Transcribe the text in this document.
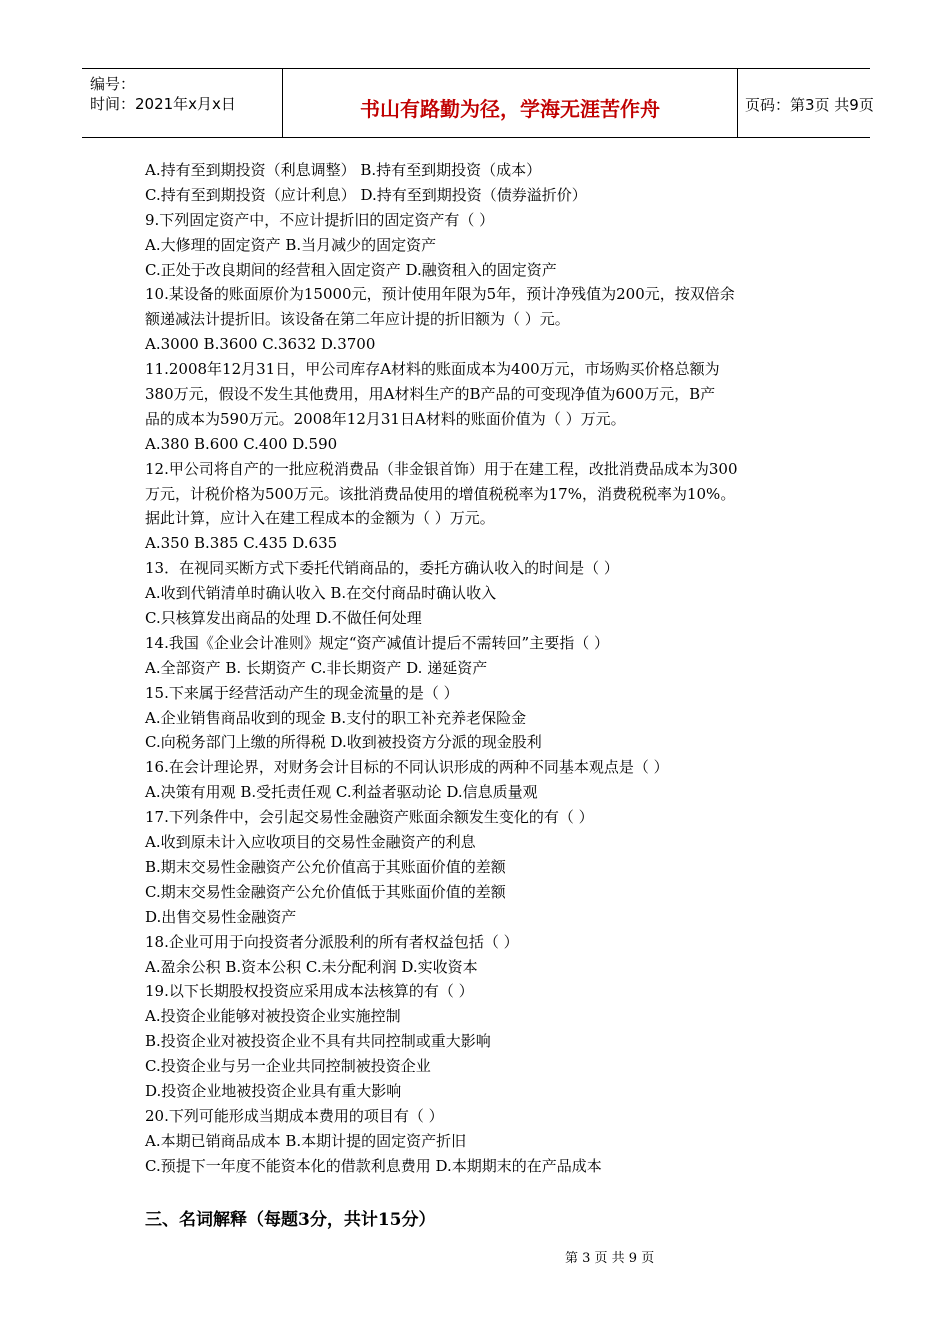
编号：
时间：2021年x月x日	书山有路勤为径，学海无涯苦作舟	页码：第3页 共9页
A.持有至到期投资（利息调整） B.持有至到期投资（成本）
C.持有至到期投资（应计利息） D.持有至到期投资（债券溢折价）
9.下列固定资产中，不应计提折旧的固定资产有（ ）
A.大修理的固定资产 B.当月减少的固定资产
C.正处于改良期间的经营租入固定资产 D.融资租入的固定资产
10.某设备的账面原价为15000元，预计使用年限为5年，预计净残值为200元，按双倍余
额递减法计提折旧。该设备在第二年应计提的折旧额为（ ）元。
A.3000 B.3600 C.3632 D.3700
11.2008年12月31日，甲公司库存A材料的账面成本为400万元，市场购买价格总额为
380万元，假设不发生其他费用，用A材料生产的B产品的可变现净值为600万元，B产
品的成本为590万元。2008年12月31日A材料的账面价值为（ ）万元。
A.380 B.600 C.400 D.590
12.甲公司将自产的一批应税消费品（非金银首饰）用于在建工程，改批消费品成本为300
万元，计税价格为500万元。该批消费品使用的增值税税率为17%，消费税税率为10%。
据此计算，应计入在建工程成本的金额为（ ）万元。
A.350 B.385 C.435 D.635
13．在视同买断方式下委托代销商品的，委托方确认收入的时间是（ ）
A.收到代销清单时确认收入 B.在交付商品时确认收入
C.只核算发出商品的处理 D.不做任何处理
14.我国《企业会计准则》规定“资产减值计提后不需转回”主要指（ ）
A.全部资产 B. 长期资产 C.非长期资产 D. 递延资产
15.下来属于经营活动产生的现金流量的是（ ）
A.企业销售商品收到的现金 B.支付的职工补充养老保险金
C.向税务部门上缴的所得税 D.收到被投资方分派的现金股利
16.在会计理论界，对财务会计目标的不同认识形成的两种不同基本观点是（ ）
A.决策有用观 B.受托责任观 C.利益者驱动论 D.信息质量观
17.下列条件中，会引起交易性金融资产账面余额发生变化的有（ ）
A.收到原未计入应收项目的交易性金融资产的利息
B.期末交易性金融资产公允价值高于其账面价值的差额
C.期末交易性金融资产公允价值低于其账面价值的差额
D.出售交易性金融资产
18.企业可用于向投资者分派股利的所有者权益包括（ ）
A.盈余公积 B.资本公积 C.未分配利润 D.实收资本
19.以下长期股权投资应采用成本法核算的有（ ）
A.投资企业能够对被投资企业实施控制
B.投资企业对被投资企业不具有共同控制或重大影响
C.投资企业与另一企业共同控制被投资企业
D.投资企业地被投资企业具有重大影响
20.下列可能形成当期成本费用的项目有（ ）
A.本期已销商品成本 B.本期计提的固定资产折旧
C.预提下一年度不能资本化的借款利息费用 D.本期期末的在产品成本
三、名词解释（每题3分，共计15分）
第 3 页 共 9 页
